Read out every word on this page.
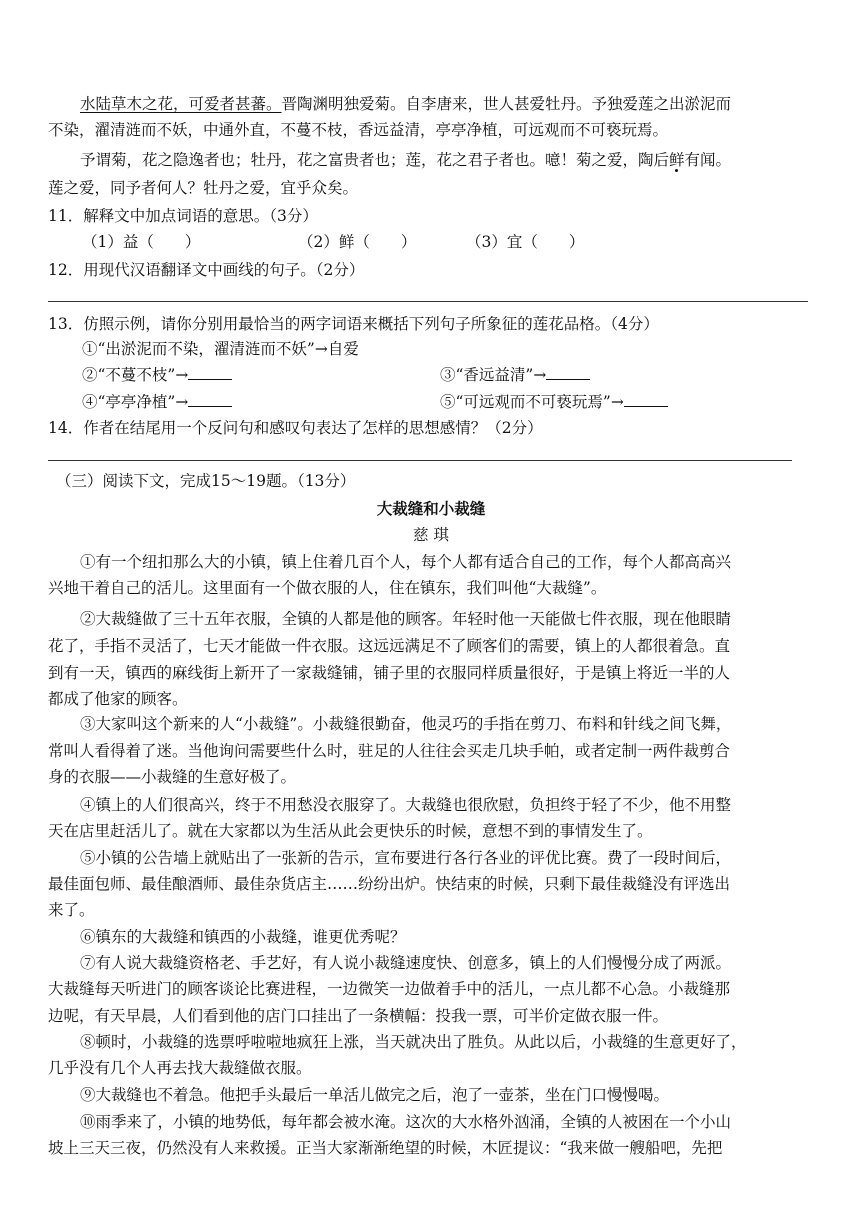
水陆草木之花，可爱者甚蕃。晋陶渊明独爱菊。自李唐来，世人甚爱牡丹。予独爱莲之出淤泥而
不染，濯清涟而不妖，中通外直，不蔓不枝，香远益清，亭亭净植，可远观而不可亵玩焉。
予谓菊，花之隐逸者也；牡丹，花之富贵者也；莲，花之君子者也。噫！菊之爱，陶后鲜有闻。
莲之爱，同予者何人？牡丹之爱，宜乎众矣。
11．解释文中加点词语的意思。（3分）
（1）益（　　）	（2）鲜（　　）	（3）宜（　　）
12．用现代汉语翻译文中画线的句子。（2分）
13．仿照示例，请你分别用最恰当的两字词语来概括下列句子所象征的莲花品格。（4分）
①“出淤泥而不染，濯清涟而不妖”→自爱
②“不蔓不枝”→	③“香远益清”→
④“亭亭净植”→	⑤“可远观而不可亵玩焉”→
14．作者在结尾用一个反问句和感叹句表达了怎样的思想感情？（2分）
（三）阅读下文，完成15～19题。（13分）
大裁缝和小裁缝
慈 琪
①有一个纽扣那么大的小镇，镇上住着几百个人，每个人都有适合自己的工作，每个人都高高兴
兴地干着自己的活儿。这里面有一个做衣服的人，住在镇东，我们叫他“大裁缝”。
②大裁缝做了三十五年衣服，全镇的人都是他的顾客。年轻时他一天能做七件衣服，现在他眼睛
花了，手指不灵活了，七天才能做一件衣服。这远远满足不了顾客们的需要，镇上的人都很着急。直
到有一天，镇西的麻线街上新开了一家裁缝铺，铺子里的衣服同样质量很好，于是镇上将近一半的人
都成了他家的顾客。
③大家叫这个新来的人“小裁缝”。小裁缝很勤奋，他灵巧的手指在剪刀、布料和针线之间飞舞，
常叫人看得着了迷。当他询问需要些什么时，驻足的人往往会买走几块手帕，或者定制一两件裁剪合
身的衣服——小裁缝的生意好极了。
④镇上的人们很高兴，终于不用愁没衣服穿了。大裁缝也很欣慰，负担终于轻了不少，他不用整
天在店里赶活儿了。就在大家都以为生活从此会更快乐的时候，意想不到的事情发生了。
⑤小镇的公告墙上就贴出了一张新的告示，宣布要进行各行各业的评优比赛。费了一段时间后，
最佳面包师、最佳酿酒师、最佳杂货店主……纷纷出炉。快结束的时候，只剩下最佳裁缝没有评选出
来了。
⑥镇东的大裁缝和镇西的小裁缝，谁更优秀呢？
⑦有人说大裁缝资格老、手艺好，有人说小裁缝速度快、创意多，镇上的人们慢慢分成了两派。
大裁缝每天听进门的顾客谈论比赛进程，一边微笑一边做着手中的活儿，一点儿都不心急。小裁缝那
边呢，有天早晨，人们看到他的店门口挂出了一条横幅：投我一票，可半价定做衣服一件。
⑧顿时，小裁缝的选票呼啦啦地疯狂上涨，当天就决出了胜负。从此以后，小裁缝的生意更好了，
几乎没有几个人再去找大裁缝做衣服。
⑨大裁缝也不着急。他把手头最后一单活儿做完之后，泡了一壶茶，坐在门口慢慢喝。
⑩雨季来了，小镇的地势低，每年都会被水淹。这次的大水格外汹涌，全镇的人被困在一个小山
坡上三天三夜，仍然没有人来救援。正当大家渐渐绝望的时候，木匠提议：“我来做一艘船吧，先把
